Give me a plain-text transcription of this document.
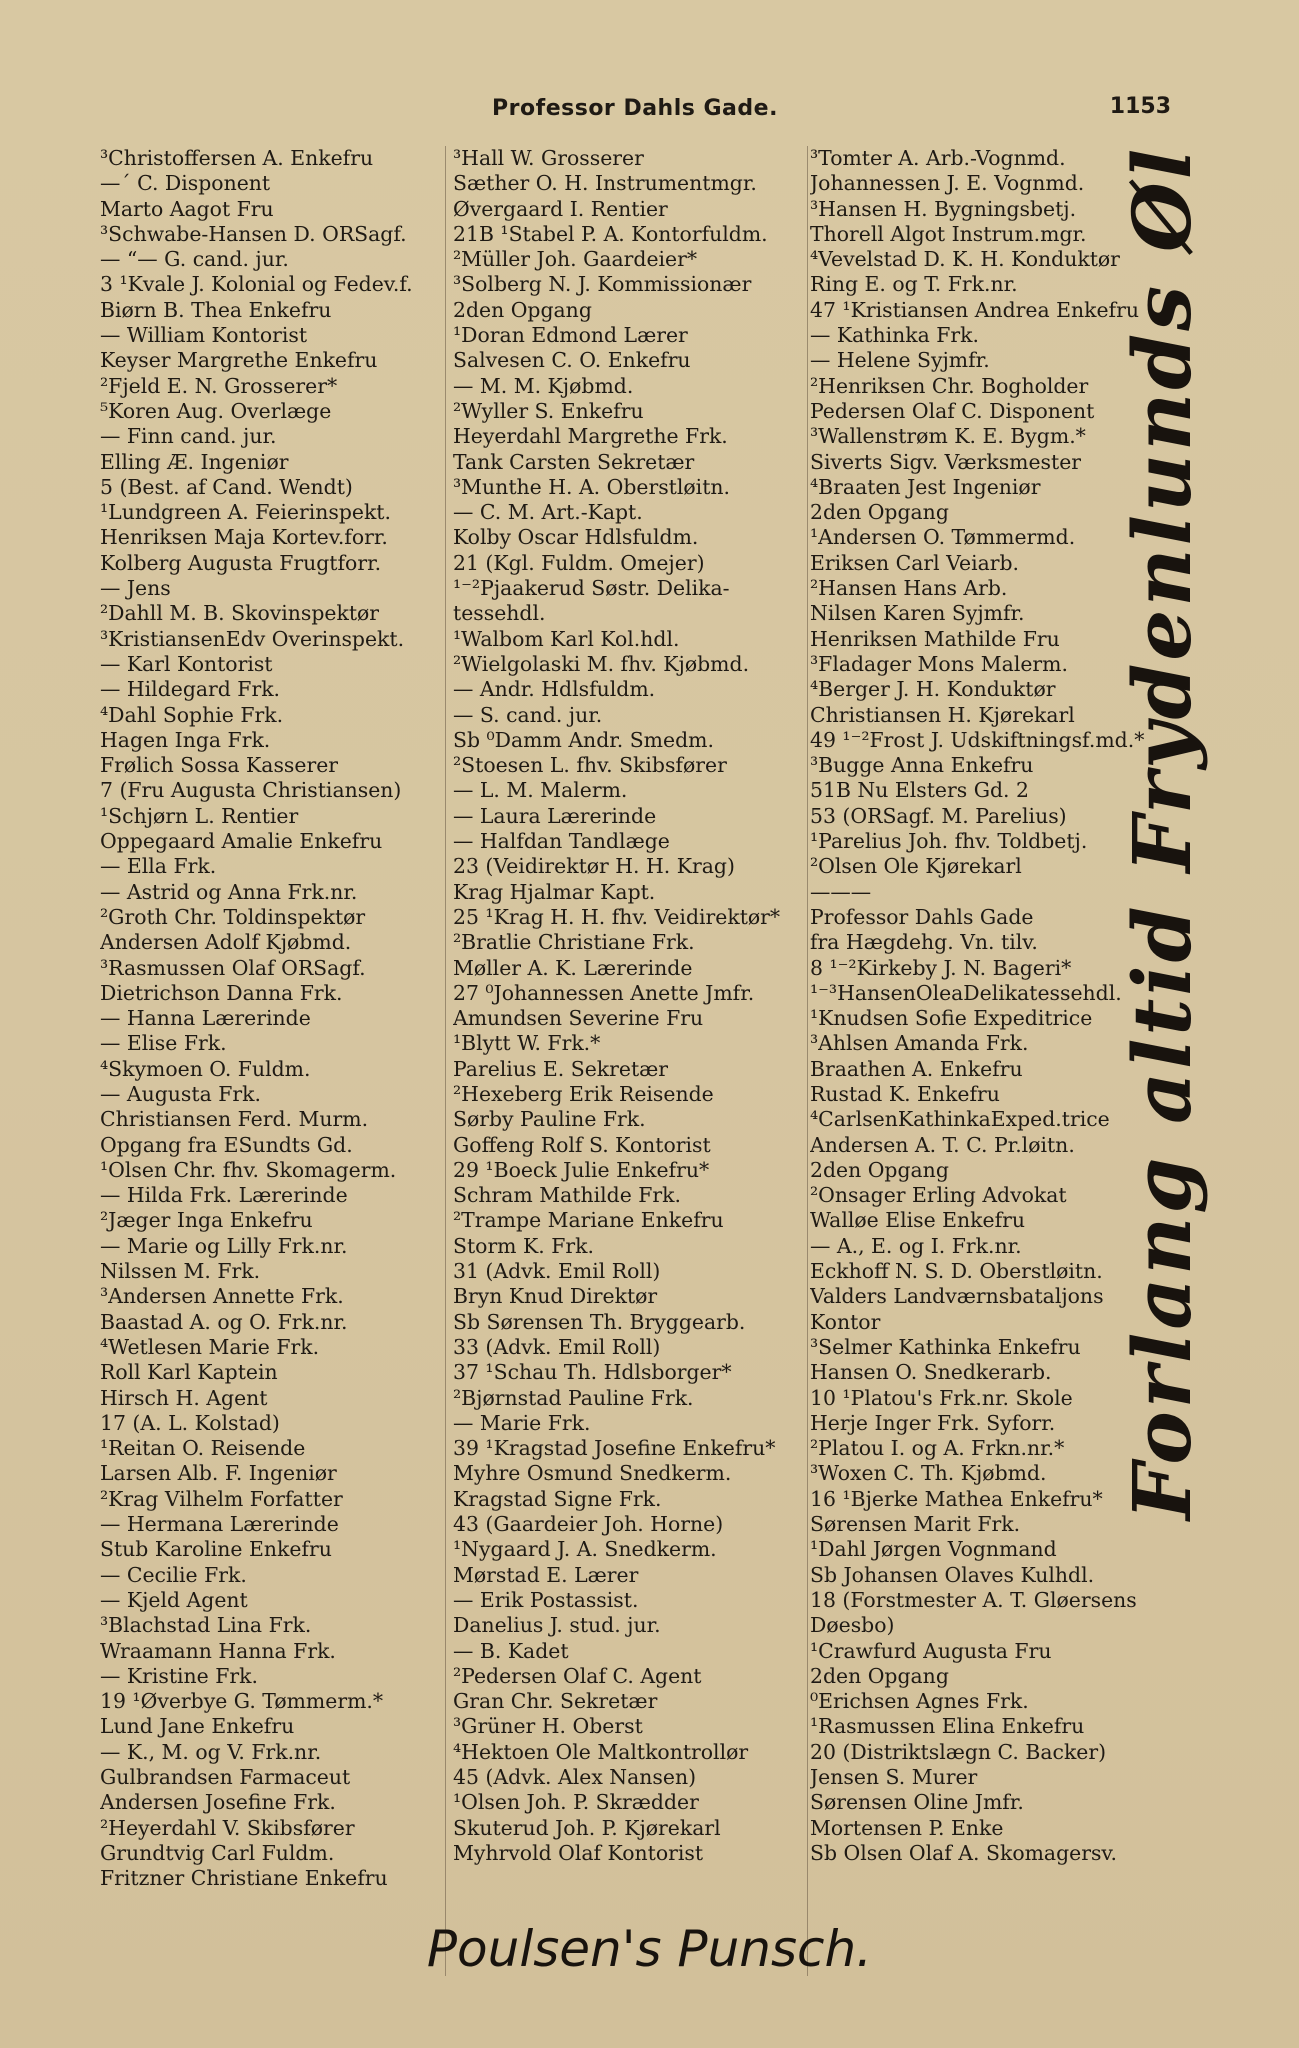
Professor Dahls Gade.	1153
³Christoffersen A. Enkefru
—´ C. Disponent
Marto Aagot Fru
³Schwabe-Hansen D. ORSagf.
— “— G. cand. jur.
3 ¹Kvale J. Kolonial og Fedev.f.
Biørn B. Thea Enkefru
— William Kontorist
Keyser Margrethe Enkefru
²Fjeld E. N. Grosserer*
⁵Koren Aug. Overlæge
— Finn cand. jur.
Elling Æ. Ingeniør
5 (Best. af Cand. Wendt)
¹Lundgreen A. Feierinspekt.
Henriksen Maja Kortev.forr.
Kolberg Augusta Frugtforr.
— Jens
²Dahll M. B. Skovinspektør
³KristiansenEdv Overinspekt.
— Karl Kontorist
— Hildegard Frk.
⁴Dahl Sophie Frk.
Hagen Inga Frk.
Frølich Sossa Kasserer
7 (Fru Augusta Christiansen)
¹Schjørn L. Rentier
Oppegaard Amalie Enkefru
— Ella Frk.
— Astrid og Anna Frk.nr.
²Groth Chr. Toldinspektør
Andersen Adolf Kjøbmd.
³Rasmussen Olaf ORSagf.
Dietrichson Danna Frk.
— Hanna Lærerinde
— Elise Frk.
⁴Skymoen O. Fuldm.
— Augusta Frk.
Christiansen Ferd. Murm.
Opgang fra ESundts Gd.
¹Olsen Chr. fhv. Skomagerm.
— Hilda Frk. Lærerinde
²Jæger Inga Enkefru
— Marie og Lilly Frk.nr.
Nilssen M. Frk.
³Andersen Annette Frk.
Baastad A. og O. Frk.nr.
⁴Wetlesen Marie Frk.
Roll Karl Kaptein
Hirsch H. Agent
17 (A. L. Kolstad)
¹Reitan O. Reisende
Larsen Alb. F. Ingeniør
²Krag Vilhelm Forfatter
— Hermana Lærerinde
Stub Karoline Enkefru
— Cecilie Frk.
— Kjeld Agent
³Blachstad Lina Frk.
Wraamann Hanna Frk.
— Kristine Frk.
19 ¹Øverbye G. Tømmerm.*
Lund Jane Enkefru
— K., M. og V. Frk.nr.
Gulbrandsen Farmaceut
Andersen Josefine Frk.
²Heyerdahl V. Skibsfører
Grundtvig Carl Fuldm.
Fritzner Christiane Enkefru
³Hall W. Grosserer
Sæther O. H. Instrumentmgr.
Øvergaard I. Rentier
21B ¹Stabel P. A. Kontorfuldm.
²Müller Joh. Gaardeier*
³Solberg N. J. Kommissionær
2den Opgang
¹Doran Edmond Lærer
Salvesen C. O. Enkefru
— M. M. Kjøbmd.
²Wyller S. Enkefru
Heyerdahl Margrethe Frk.
Tank Carsten Sekretær
³Munthe H. A. Oberstløitn.
— C. M. Art.-Kapt.
Kolby Oscar Hdlsfuldm.
21 (Kgl. Fuldm. Omejer)
¹⁻²Pjaakerud Søstr. Delika-
tessehdl.
¹Walbom Karl Kol.hdl.
²Wielgolaski M. fhv. Kjøbmd.
— Andr. Hdlsfuldm.
— S. cand. jur.
Sb ⁰Damm Andr. Smedm.
²Stoesen L. fhv. Skibsfører
— L. M. Malerm.
— Laura Lærerinde
— Halfdan Tandlæge
23 (Veidirektør H. H. Krag)
Krag Hjalmar Kapt.
25 ¹Krag H. H. fhv. Veidirektør*
²Bratlie Christiane Frk.
Møller A. K. Lærerinde
27 ⁰Johannessen Anette Jmfr.
Amundsen Severine Fru
¹Blytt W. Frk.*
Parelius E. Sekretær
²Hexeberg Erik Reisende
Sørby Pauline Frk.
Goffeng Rolf S. Kontorist
29 ¹Boeck Julie Enkefru*
Schram Mathilde Frk.
²Trampe Mariane Enkefru
Storm K. Frk.
31 (Advk. Emil Roll)
Bryn Knud Direktør
Sb Sørensen Th. Bryggearb.
33 (Advk. Emil Roll)
37 ¹Schau Th. Hdlsborger*
²Bjørnstad Pauline Frk.
— Marie Frk.
39 ¹Kragstad Josefine Enkefru*
Myhre Osmund Snedkerm.
Kragstad Signe Frk.
43 (Gaardeier Joh. Horne)
¹Nygaard J. A. Snedkerm.
Mørstad E. Lærer
— Erik Postassist.
Danelius J. stud. jur.
— B. Kadet
²Pedersen Olaf C. Agent
Gran Chr. Sekretær
³Grüner H. Oberst
⁴Hektoen Ole Maltkontrollør
45 (Advk. Alex Nansen)
¹Olsen Joh. P. Skrædder
Skuterud Joh. P. Kjørekarl
Myhrvold Olaf Kontorist
³Tomter A. Arb.-Vognmd.
Johannessen J. E. Vognmd.
³Hansen H. Bygningsbetj.
Thorell Algot Instrum.mgr.
⁴Vevelstad D. K. H. Konduktør
Ring E. og T. Frk.nr.
47 ¹Kristiansen Andrea Enkefru
— Kathinka Frk.
— Helene Syjmfr.
²Henriksen Chr. Bogholder
Pedersen Olaf C. Disponent
³Wallenstrøm K. E. Bygm.*
Siverts Sigv. Værksmester
⁴Braaten Jest Ingeniør
2den Opgang
¹Andersen O. Tømmermd.
Eriksen Carl Veiarb.
²Hansen Hans Arb.
Nilsen Karen Syjmfr.
Henriksen Mathilde Fru
³Fladager Mons Malerm.
⁴Berger J. H. Konduktør
Christiansen H. Kjørekarl
49 ¹⁻²Frost J. Udskiftningsf.md.*
³Bugge Anna Enkefru
51B Nu Elsters Gd. 2
53 (ORSagf. M. Parelius)
¹Parelius Joh. fhv. Toldbetj.
²Olsen Ole Kjørekarl
———
Professor Dahls Gade
fra Hægdehg. Vn. tilv.
8 ¹⁻²Kirkeby J. N. Bageri*
¹⁻³HansenOleaDelikatessehdl.
¹Knudsen Sofie Expeditrice
³Ahlsen Amanda Frk.
Braathen A. Enkefru
Rustad K. Enkefru
⁴CarlsenKathinkaExped.trice
Andersen A. T. C. Pr.løitn.
2den Opgang
²Onsager Erling Advokat
Walløe Elise Enkefru
— A., E. og I. Frk.nr.
Eckhoff N. S. D. Oberstløitn.
Valders Landværnsbataljons
Kontor
³Selmer Kathinka Enkefru
Hansen O. Snedkerarb.
10 ¹Platou's Frk.nr. Skole
Herje Inger Frk. Syforr.
²Platou I. og A. Frkn.nr.*
³Woxen C. Th. Kjøbmd.
16 ¹Bjerke Mathea Enkefru*
Sørensen Marit Frk.
¹Dahl Jørgen Vognmand
Sb Johansen Olaves Kulhdl.
18 (Forstmester A. T. Gløersens
Døesbo)
¹Crawfurd Augusta Fru
2den Opgang
⁰Erichsen Agnes Frk.
¹Rasmussen Elina Enkefru
20 (Distriktslægn C. Backer)
Jensen S. Murer
Sørensen Oline Jmfr.
Mortensen P. Enke
Sb Olsen Olaf A. Skomagersv.
Forlang altid Frydenlunds Øl
Poulsen's Punsch.
